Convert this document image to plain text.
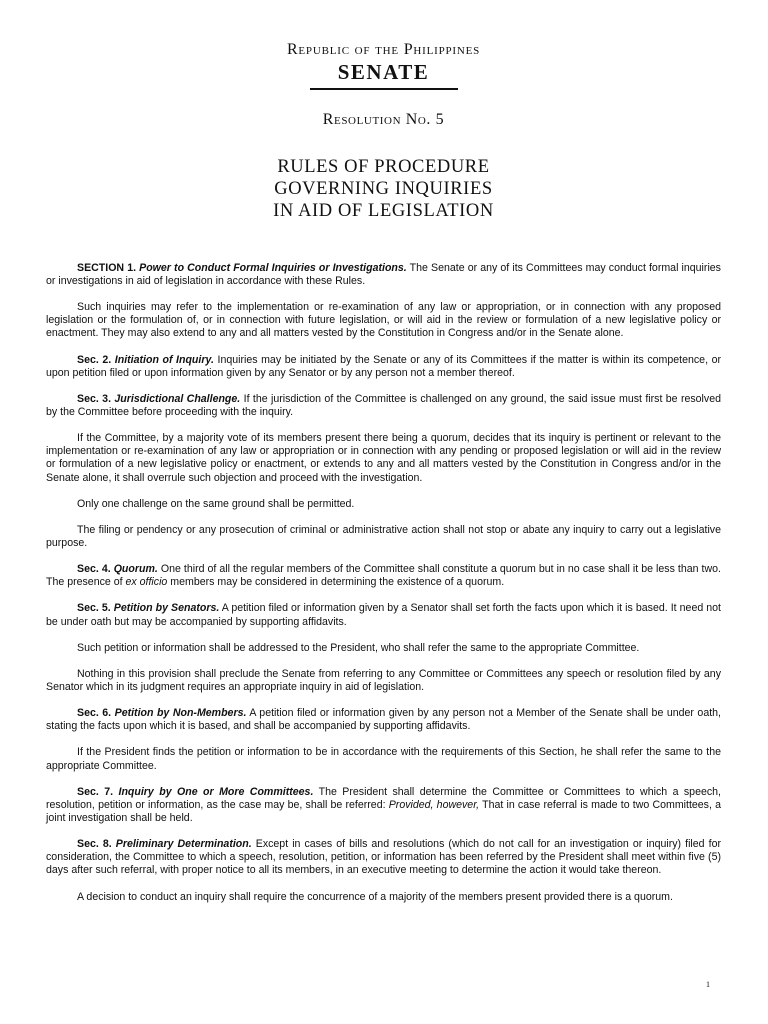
Republic of the Philippines

SENATE

Resolution No. 5

RULES OF PROCEDURE
GOVERNING INQUIRIES
IN AID OF LEGISLATION

SECTION 1. Power to Conduct Formal Inquiries or Investigations. The Senate or any of its Committees may conduct formal inquiries or investigations in aid of legislation in accordance with these Rules.

Such inquiries may refer to the implementation or re-examination of any law or appropriation, or in connection with any proposed legislation or the formulation of, or in connection with future legislation, or will aid in the review or formulation of a new legislative policy or enactment. They may also extend to any and all matters vested by the Constitution in Congress and/or in the Senate alone.

Sec. 2. Initiation of Inquiry. Inquiries may be initiated by the Senate or any of its Committees if the matter is within its competence, or upon petition filed or upon information given by any Senator or by any person not a member thereof.

Sec. 3. Jurisdictional Challenge. If the jurisdiction of the Committee is challenged on any ground, the said issue must first be resolved by the Committee before proceeding with the inquiry.

If the Committee, by a majority vote of its members present there being a quorum, decides that its inquiry is pertinent or relevant to the implementation or re-examination of any law or appropriation or in connection with any pending or proposed legislation or will aid in the review or formulation of a new legislative policy or enactment, or extends to any and all matters vested by the Constitution in Congress and/or in the Senate alone, it shall overrule such objection and proceed with the investigation.

Only one challenge on the same ground shall be permitted.

The filing or pendency or any prosecution of criminal or administrative action shall not stop or abate any inquiry to carry out a legislative purpose.

Sec. 4. Quorum. One third of all the regular members of the Committee shall constitute a quorum but in no case shall it be less than two. The presence of ex officio members may be considered in determining the existence of a quorum.

Sec. 5. Petition by Senators. A petition filed or information given by a Senator shall set forth the facts upon which it is based. It need not be under oath but may be accompanied by supporting affidavits.

Such petition or information shall be addressed to the President, who shall refer the same to the appropriate Committee.

Nothing in this provision shall preclude the Senate from referring to any Committee or Committees any speech or resolution filed by any Senator which in its judgment requires an appropriate inquiry in aid of legislation.

Sec. 6. Petition by Non-Members. A petition filed or information given by any person not a Member of the Senate shall be under oath, stating the facts upon which it is based, and shall be accompanied by supporting affidavits.

If the President finds the petition or information to be in accordance with the requirements of this Section, he shall refer the same to the appropriate Committee.

Sec. 7. Inquiry by One or More Committees. The President shall determine the Committee or Committees to which a speech, resolution, petition or information, as the case may be, shall be referred: Provided, however, That in case referral is made to two Committees, a joint investigation shall be held.

Sec. 8. Preliminary Determination. Except in cases of bills and resolutions (which do not call for an investigation or inquiry) filed for consideration, the Committee to which a speech, resolution, petition, or information has been referred by the President shall meet within five (5) days after such referral, with proper notice to all its members, in an executive meeting to determine the action it would take thereon.

A decision to conduct an inquiry shall require the concurrence of a majority of the members present provided there is a quorum.

1
